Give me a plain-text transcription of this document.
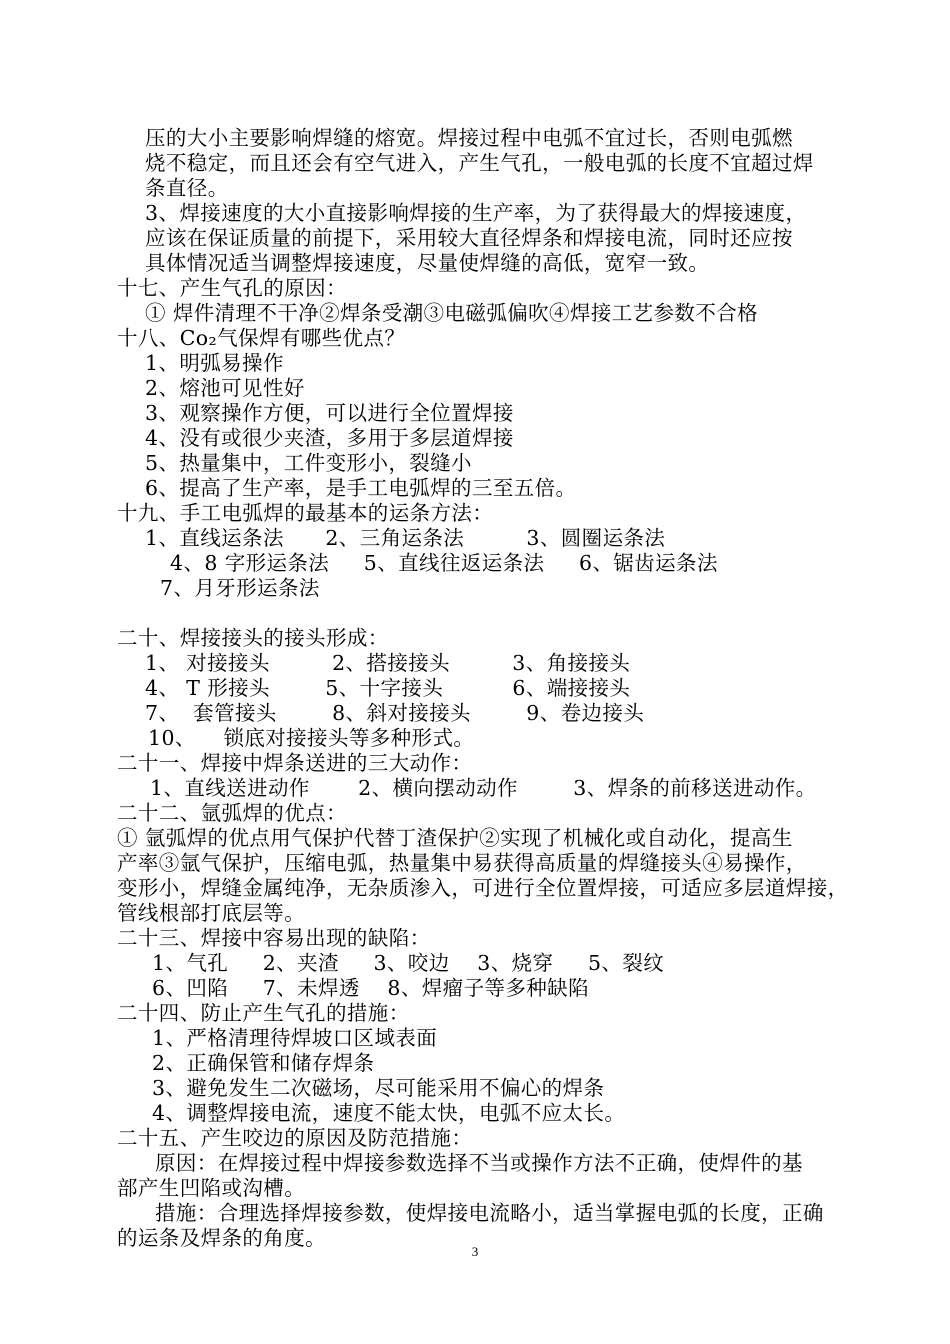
压的大小主要影响焊缝的熔宽。焊接过程中电弧不宜过长，否则电弧燃
烧不稳定，而且还会有空气进入，产生气孔，一般电弧的长度不宜超过焊
条直径。
3、焊接速度的大小直接影响焊接的生产率，为了获得最大的焊接速度，
应该在保证质量的前提下，采用较大直径焊条和焊接电流，同时还应按
具体情况适当调整焊接速度，尽量使焊缝的高低，宽窄一致。
十七、产生气孔的原因：
① 焊件清理不干净②焊条受潮③电磁弧偏吹④焊接工艺参数不合格
十八、Co₂气保焊有哪些优点？
1、明弧易操作
2、熔池可见性好
3、观察操作方便，可以进行全位置焊接
4、没有或很少夹渣，多用于多层道焊接
5、热量集中，工件变形小，裂缝小
6、提高了生产率，是手工电弧焊的三至五倍。
十九、手工电弧焊的最基本的运条方法：
1、直线运条法      2、三角运条法         3、圆圈运条法
4、8 字形运条法     5、直线往返运条法     6、锯齿运条法
7、月牙形运条法
二十、焊接接头的接头形成：
1、 对接接头         2、搭接接头         3、角接接头
4、 T 形接头        5、十字接头          6、端接接头
7、  套管接头        8、斜对接接头        9、卷边接头
10、    锁底对接接头等多种形式。
二十一、焊接中焊条送进的三大动作：
1、直线送进动作       2、横向摆动动作        3、焊条的前移送进动作。
二十二、氩弧焊的优点：
① 氩弧焊的优点用气保护代替丁渣保护②实现了机械化或自动化，提高生
产率③氩气保护，压缩电弧，热量集中易获得高质量的焊缝接头④易操作，
变形小，焊缝金属纯净，无杂质渗入，可进行全位置焊接，可适应多层道焊接，
管线根部打底层等。
二十三、焊接中容易出现的缺陷：
1、气孔     2、夹渣     3、咬边    3、烧穿     5、裂纹
6、凹陷     7、未焊透    8、焊瘤子等多种缺陷
二十四、防止产生气孔的措施：
1、严格清理待焊坡口区域表面
2、正确保管和储存焊条
3、避免发生二次磁场，尽可能采用不偏心的焊条
4、调整焊接电流，速度不能太快，电弧不应太长。
二十五、产生咬边的原因及防范措施：
原因：在焊接过程中焊接参数选择不当或操作方法不正确，使焊件的基
部产生凹陷或沟槽。
措施：合理选择焊接参数，使焊接电流略小，适当掌握电弧的长度，正确
的运条及焊条的角度。
3
